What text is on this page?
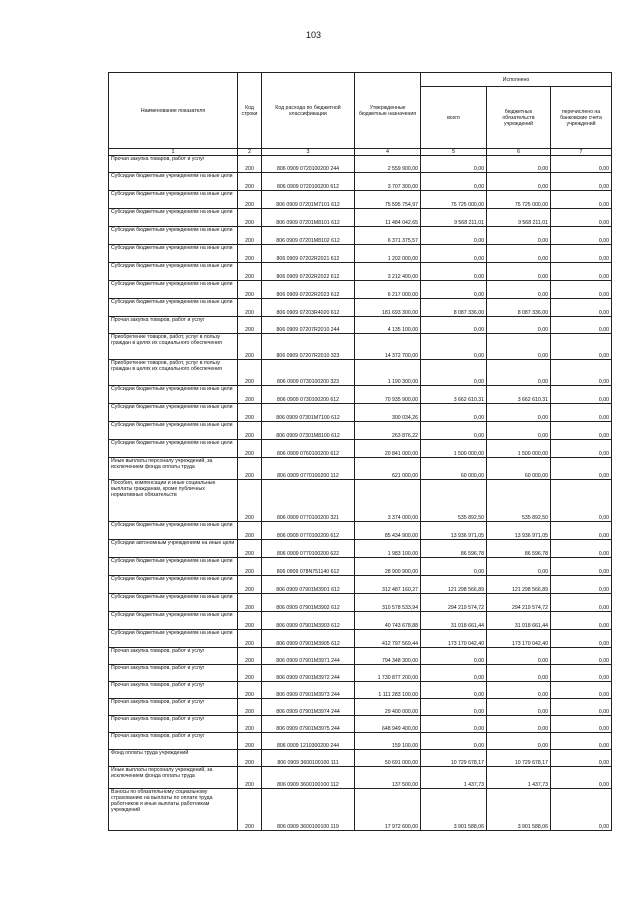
103
Наименование показателя	Код строки	Код расхода по бюджетной классификации	Утвержденные бюджетные назначения	Исполнено		
				всего	бюджетных обязательств учреждений	перечислено на банковские счета учреждений
1	2	3	4	5	6	7
Прочая закупка товаров, работ и услуг	200	806 0909 0720100200 244	2 559 900,00	0,00	0,00	0,00
Субсидии бюджетным учреждениям на иные цели	200	806 0909 0720100200 612	3 707 300,00	0,00	0,00	0,00
Субсидии бюджетным учреждениям на иные цели	200	806 0909 07201M7101 612	75 595 754,97	75 725 000,00	75 725 000,00	0,00
Субсидии бюджетным учреждениям на иные цели	200	806 0909 07201M8101 612	11 484 042,65	9 568 211,01	9 568 211,01	0,00
Субсидии бюджетным учреждениям на иные цели	200	806 0909 07201M8102 612	6 371 375,57	0,00	0,00	0,00
Субсидии бюджетным учреждениям на иные цели	200	806 0909 07202R2021 612	1 202 000,00	0,00	0,00	0,00
Субсидии бюджетным учреждениям на иные цели	200	806 0909 07202R2022 612	3 212 400,00	0,00	0,00	0,00
Субсидии бюджетным учреждениям на иные цели	200	806 0909 07202R2023 612	6 217 000,00	0,00	0,00	0,00
Субсидии бюджетным учреждениям на иные цели	200	806 0909 07203R4020 612	181 693 300,00	8 087 336,00	8 087 336,00	0,00
Прочая закупка товаров, работ и услуг	200	806 0909 07207R2010 244	4 135 100,00	0,00	0,00	0,00
Приобретение товаров, работ, услуг в пользу граждан в целях их социального обеспечения	200	806 0909 07207R2010 323	14 372 700,00	0,00	0,00	0,00
Приобретение товаров, работ, услуг в пользу граждан в целях их социального обеспечения	200	806 0909 0730100200 323	1 190 300,00	0,00	0,00	0,00
Субсидии бюджетным учреждениям на иные цели	200	806 0909 0730100200 612	70 935 900,00	3 662 610,31	3 662 610,31	0,00
Субсидии бюджетным учреждениям на иные цели	200	806 0909 07301M7100 612	300 034,26	0,00	0,00	0,00
Субсидии бюджетным учреждениям на иные цели	200	806 0909 07301M8100 612	263 876,22	0,00	0,00	0,00
Субсидии бюджетным учреждениям на иные цели	200	806 0909 0760100200 612	20 841 000,00	1 500 000,00	1 500 000,00	0,00
Иные выплаты персоналу учреждений, за исключением фонда оплаты труда	200	806 0909 0770100200 112	621 000,00	60 000,00	60 000,00	0,00
Пособия, компенсации и иные социальные выплаты гражданам, кроме публичных нормативных обязательств	200	806 0909 0770100200 321	3 374 000,00	535 892,50	535 892,50	0,00
Субсидии бюджетным учреждениям на иные цели	200	806 0909 0770100200 612	85 434 900,00	13 936 971,05	13 936 971,05	0,00
Субсидии автономным учреждениям на иные цели	200	806 0909 0770100200 622	1 983 100,00	86 596,78	86 596,78	0,00
Субсидии бюджетным учреждениям на иные цели	200	806 0909 078N751140 612	28 900 900,00	0,00	0,00	0,00
Субсидии бюджетным учреждениям на иные цели	200	806 0909 07901M3901 612	312 487 160,27	121 298 566,89	121 298 566,89	0,00
Субсидии бюджетным учреждениям на иные цели	200	806 0909 07901M3902 612	310 578 533,94	294 219 574,72	294 219 574,72	0,00
Субсидии бюджетным учреждениям на иные цели	200	806 0909 07901M3903 612	40 743 678,88	31 018 661,44	31 018 661,44	0,00
Субсидии бюджетным учреждениям на иные цели	200	806 0909 07901M3905 612	412 797 569,44	173 170 042,40	173 170 042,40	0,00
Прочая закупка товаров, работ и услуг	200	806 0909 07901M3971 244	794 348 300,00	0,00	0,00	0,00
Прочая закупка товаров, работ и услуг	200	806 0909 07901M3972 244	1 730 877 200,00	0,00	0,00	0,00
Прочая закупка товаров, работ и услуг	200	806 0909 07901M3973 244	1 111 283 100,00	0,00	0,00	0,00
Прочая закупка товаров, работ и услуг	200	806 0909 07901M3974 244	29 400 000,00	0,00	0,00	0,00
Прочая закупка товаров, работ и услуг	200	806 0909 07901M3975 244	648 949 400,00	0,00	0,00	0,00
Прочая закупка товаров, работ и услуг	200	806 0909 1210300200 244	159 100,00	0,00	0,00	0,00
Фонд оплаты труда учреждений	200	806 0909 3600100100 111	50 691 000,00	10 729 678,17	10 729 678,17	0,00
Иные выплаты персоналу учреждений, за исключением фонда оплаты труда	200	806 0909 3600100100 112	137 500,00	1 437,73	1 437,73	0,00
Взносы по обязательному социальному страхованию на выплаты по оплате труда работников и иные выплаты работникам учреждений	200	806 0909 3600100100 119	17 972 600,00	3 901 588,06	3 901 588,06	0,00
